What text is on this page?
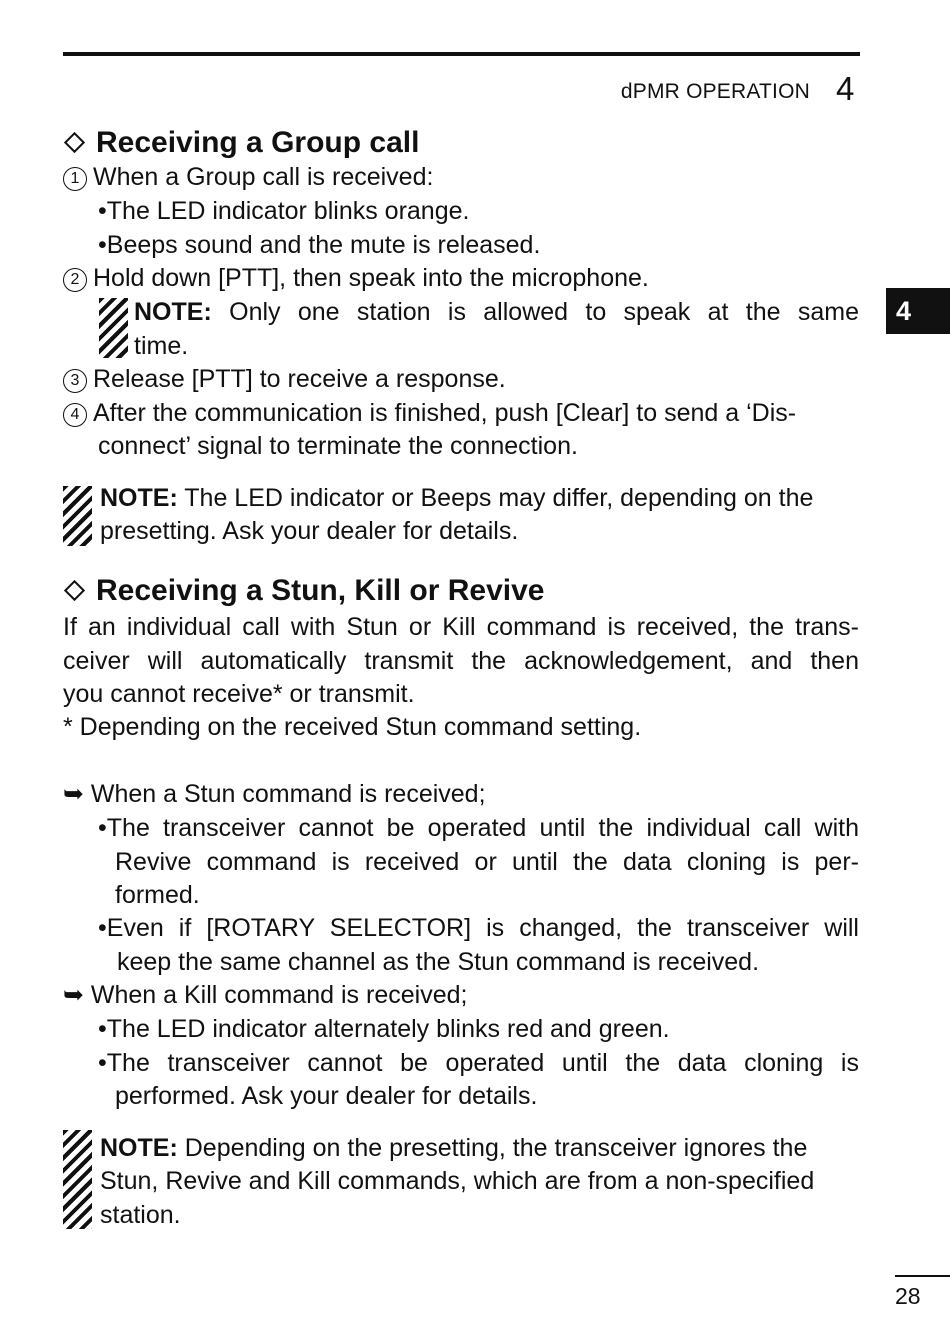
dPMR OPERATION 4
4
Receiving a Group call
1 When a Group call is received:
•The LED indicator blinks orange.
•Beeps sound and the mute is released.
2 Hold down [PTT], then speak into the microphone.
NOTE: Only one station is allowed to speak at the same
time.
3 Release [PTT] to receive a response.
4 After the communication is finished, push [Clear] to send a ‘Dis-
connect’ signal to terminate the connection.
NOTE: The LED indicator or Beeps may differ, depending on the
presetting. Ask your dealer for details.
Receiving a Stun, Kill or Revive
If an individual call with Stun or Kill command is received, the trans-
ceiver will automatically transmit the acknowledgement, and then
you cannot receive* or transmit.
* Depending on the received Stun command setting.
➥ When a Stun command is received;
•The transceiver cannot be operated until the individual call with
Revive command is received or until the data cloning is per-
formed.
•Even if [ROTARY SELECTOR] is changed, the transceiver will
keep the same channel as the Stun command is received.
➥ When a Kill command is received;
•The LED indicator alternately blinks red and green.
•The transceiver cannot be operated until the data cloning is
performed. Ask your dealer for details.
NOTE: Depending on the presetting, the transceiver ignores the
Stun, Revive and Kill commands, which are from a non-specified
station.
28
